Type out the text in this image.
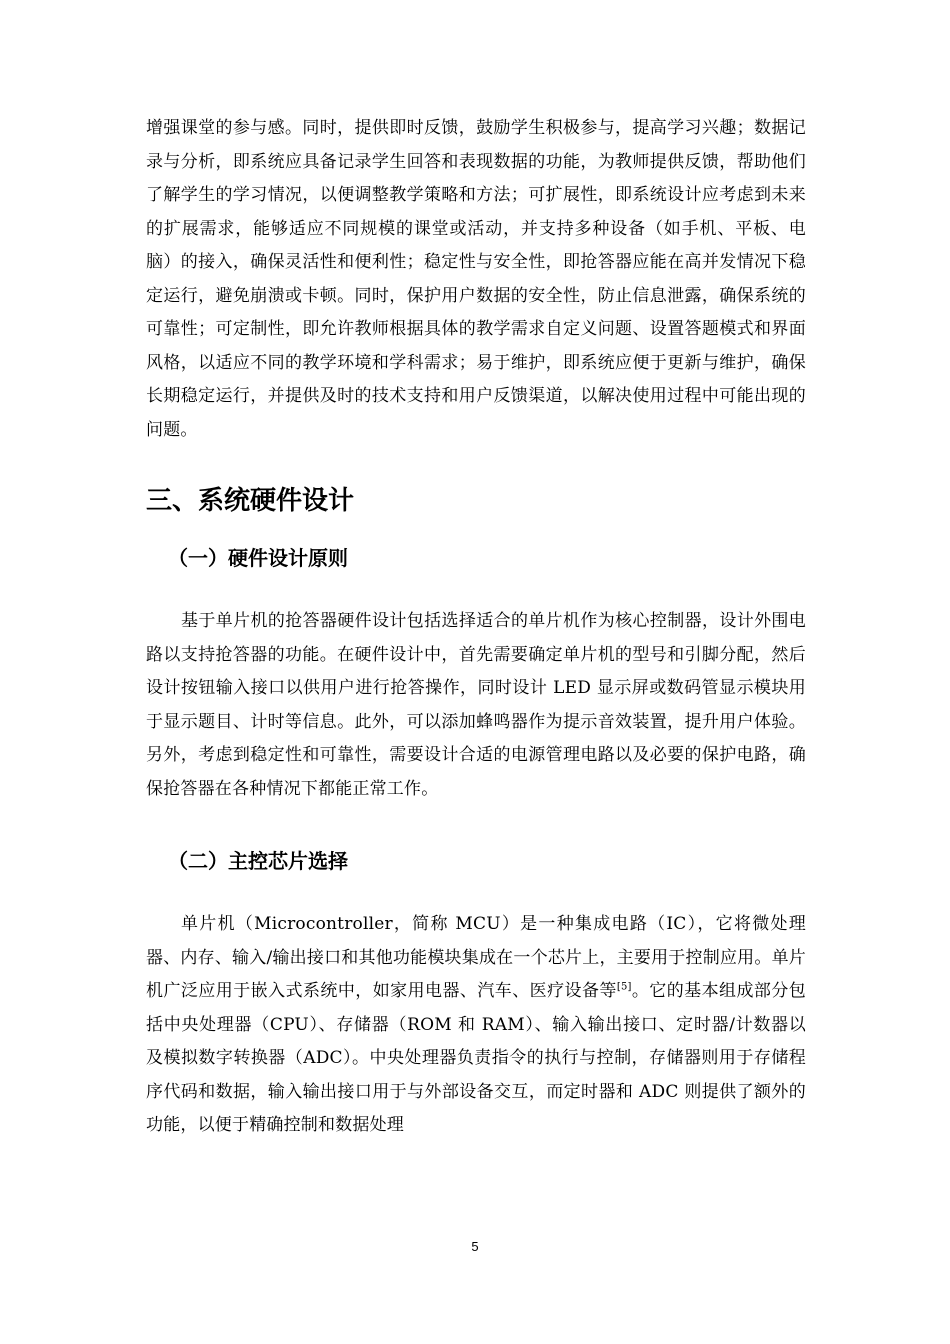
增强课堂的参与感。同时，提供即时反馈，鼓励学生积极参与，提高学习兴趣；数据记录与分析，即系统应具备记录学生回答和表现数据的功能，为教师提供反馈，帮助他们了解学生的学习情况，以便调整教学策略和方法；可扩展性，即系统设计应考虑到未来的扩展需求，能够适应不同规模的课堂或活动，并支持多种设备（如手机、平板、电脑）的接入，确保灵活性和便利性；稳定性与安全性，即抢答器应能在高并发情况下稳定运行，避免崩溃或卡顿。同时，保护用户数据的安全性，防止信息泄露，确保系统的可靠性；可定制性，即允许教师根据具体的教学需求自定义问题、设置答题模式和界面风格，以适应不同的教学环境和学科需求；易于维护，即系统应便于更新与维护，确保长期稳定运行，并提供及时的技术支持和用户反馈渠道，以解决使用过程中可能出现的问题。

三、系统硬件设计
（一）硬件设计原则

基于单片机的抢答器硬件设计包括选择适合的单片机作为核心控制器，设计外围电路以支持抢答器的功能。在硬件设计中，首先需要确定单片机的型号和引脚分配，然后设计按钮输入接口以供用户进行抢答操作，同时设计 LED 显示屏或数码管显示模块用于显示题目、计时等信息。此外，可以添加蜂鸣器作为提示音效装置，提升用户体验。另外，考虑到稳定性和可靠性，需要设计合适的电源管理电路以及必要的保护电路，确保抢答器在各种情况下都能正常工作。

（二）主控芯片选择

单片机（Microcontroller，简称 MCU）是一种集成电路（IC），它将微处理器、内存、输入/输出接口和其他功能模块集成在一个芯片上，主要用于控制应用。单片机广泛应用于嵌入式系统中，如家用电器、汽车、医疗设备等[5]。它的基本组成部分包括中央处理器（CPU）、存储器（ROM 和 RAM）、输入输出接口、定时器/计数器以及模拟数字转换器（ADC）。中央处理器负责指令的执行与控制，存储器则用于存储程序代码和数据，输入输出接口用于与外部设备交互，而定时器和 ADC 则提供了额外的功能，以便于精确控制和数据处理

5
